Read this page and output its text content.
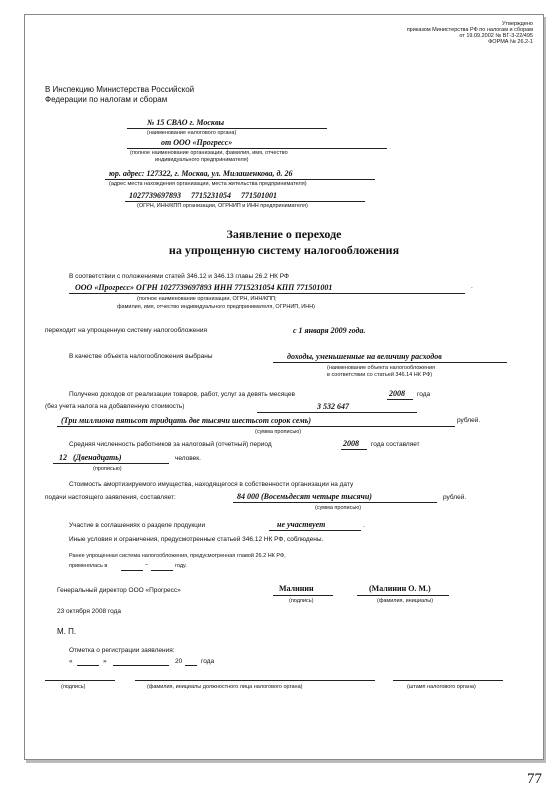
Утверждено
приказом Министерства РФ по налогам и сборам
от 19.09.2002 № ВГ-3-22/495
ФОРМА № 26.2-1
В Инспекцию Министерства Российской
Федерации по налогам и сборам
№ 15 СВАО г. Москвы
(наименование налогового органа)
от ООО «Прогресс»
(полное наименование организации, фамилия, имя, отчество
индивидуального предпринимателя)
юр. адрес: 127322, г. Москва, ул. Милашенкова, д. 26
(адрес места нахождения организации, места жительства предпринимателя)
1027739697893     7715231054     771501001
(ОГРН, ИНН/КПП организации, ОГРНИП и ИНН предпринимателя)
Заявление о переходе
на упрощенную систему налогообложения
В соответствии с положениями статей 346.12 и 346.13 главы 26.2 НК РФ
ООО «Прогресс» ОГРН 1027739697893 ИНН 7715231054 КПП 771501001	.
(полное наименование организации, ОГРН, ИНН/КПП;
фамилия, имя, отчество индивидуального предпринимателя, ОГРНИП, ИНН)
переходит на упрощенную систему налогообложения	с 1 января 2009 года.
В качестве объекта налогообложения выбраны	доходы, уменьшенные на величину расходов
(наименование объекта налогообложения
в соответствии со статьей 346.14 НК РФ)
Получено доходов от реализации товаров, работ, услуг за девять месяцев	2008 года
(без учета налога на добавленную стоимость)	3 532 647
(Три миллиона пятьсот тридцать две тысячи шестьсот сорок семь)	рублей.
(сумма прописью)
Средняя численность работников за налоговый (отчетный) период	2008 года составляет
12   (Двенадцать)	человек.
(прописью)
Стоимость амортизируемого имущества, находящегося в собственности организации на дату
подачи настоящего заявления, составляет:	84 000 (Восемьдесят четыре тысячи)	рублей.
(сумма прописью)
Участие в соглашениях о разделе продукции	не участвует	.
Иные условия и ограничения, предусмотренные статьей 346.12 НК РФ, соблюдены.
Ранее упрощенная система налогообложения, предусмотренная главой 26.2 НК РФ,
применялась в	–	году.
Генеральный директор ООО «Прогресс»	Малинин
(подпись)
(Малинин О. М.)
(фамилия, инициалы)
23 октября 2008 года
М. П.
Отметка о регистрации заявления:
«	»	20	года
(подпись)	(фамилия, инициалы должностного лица налогового органа)	(штамп налогового органа)
77
